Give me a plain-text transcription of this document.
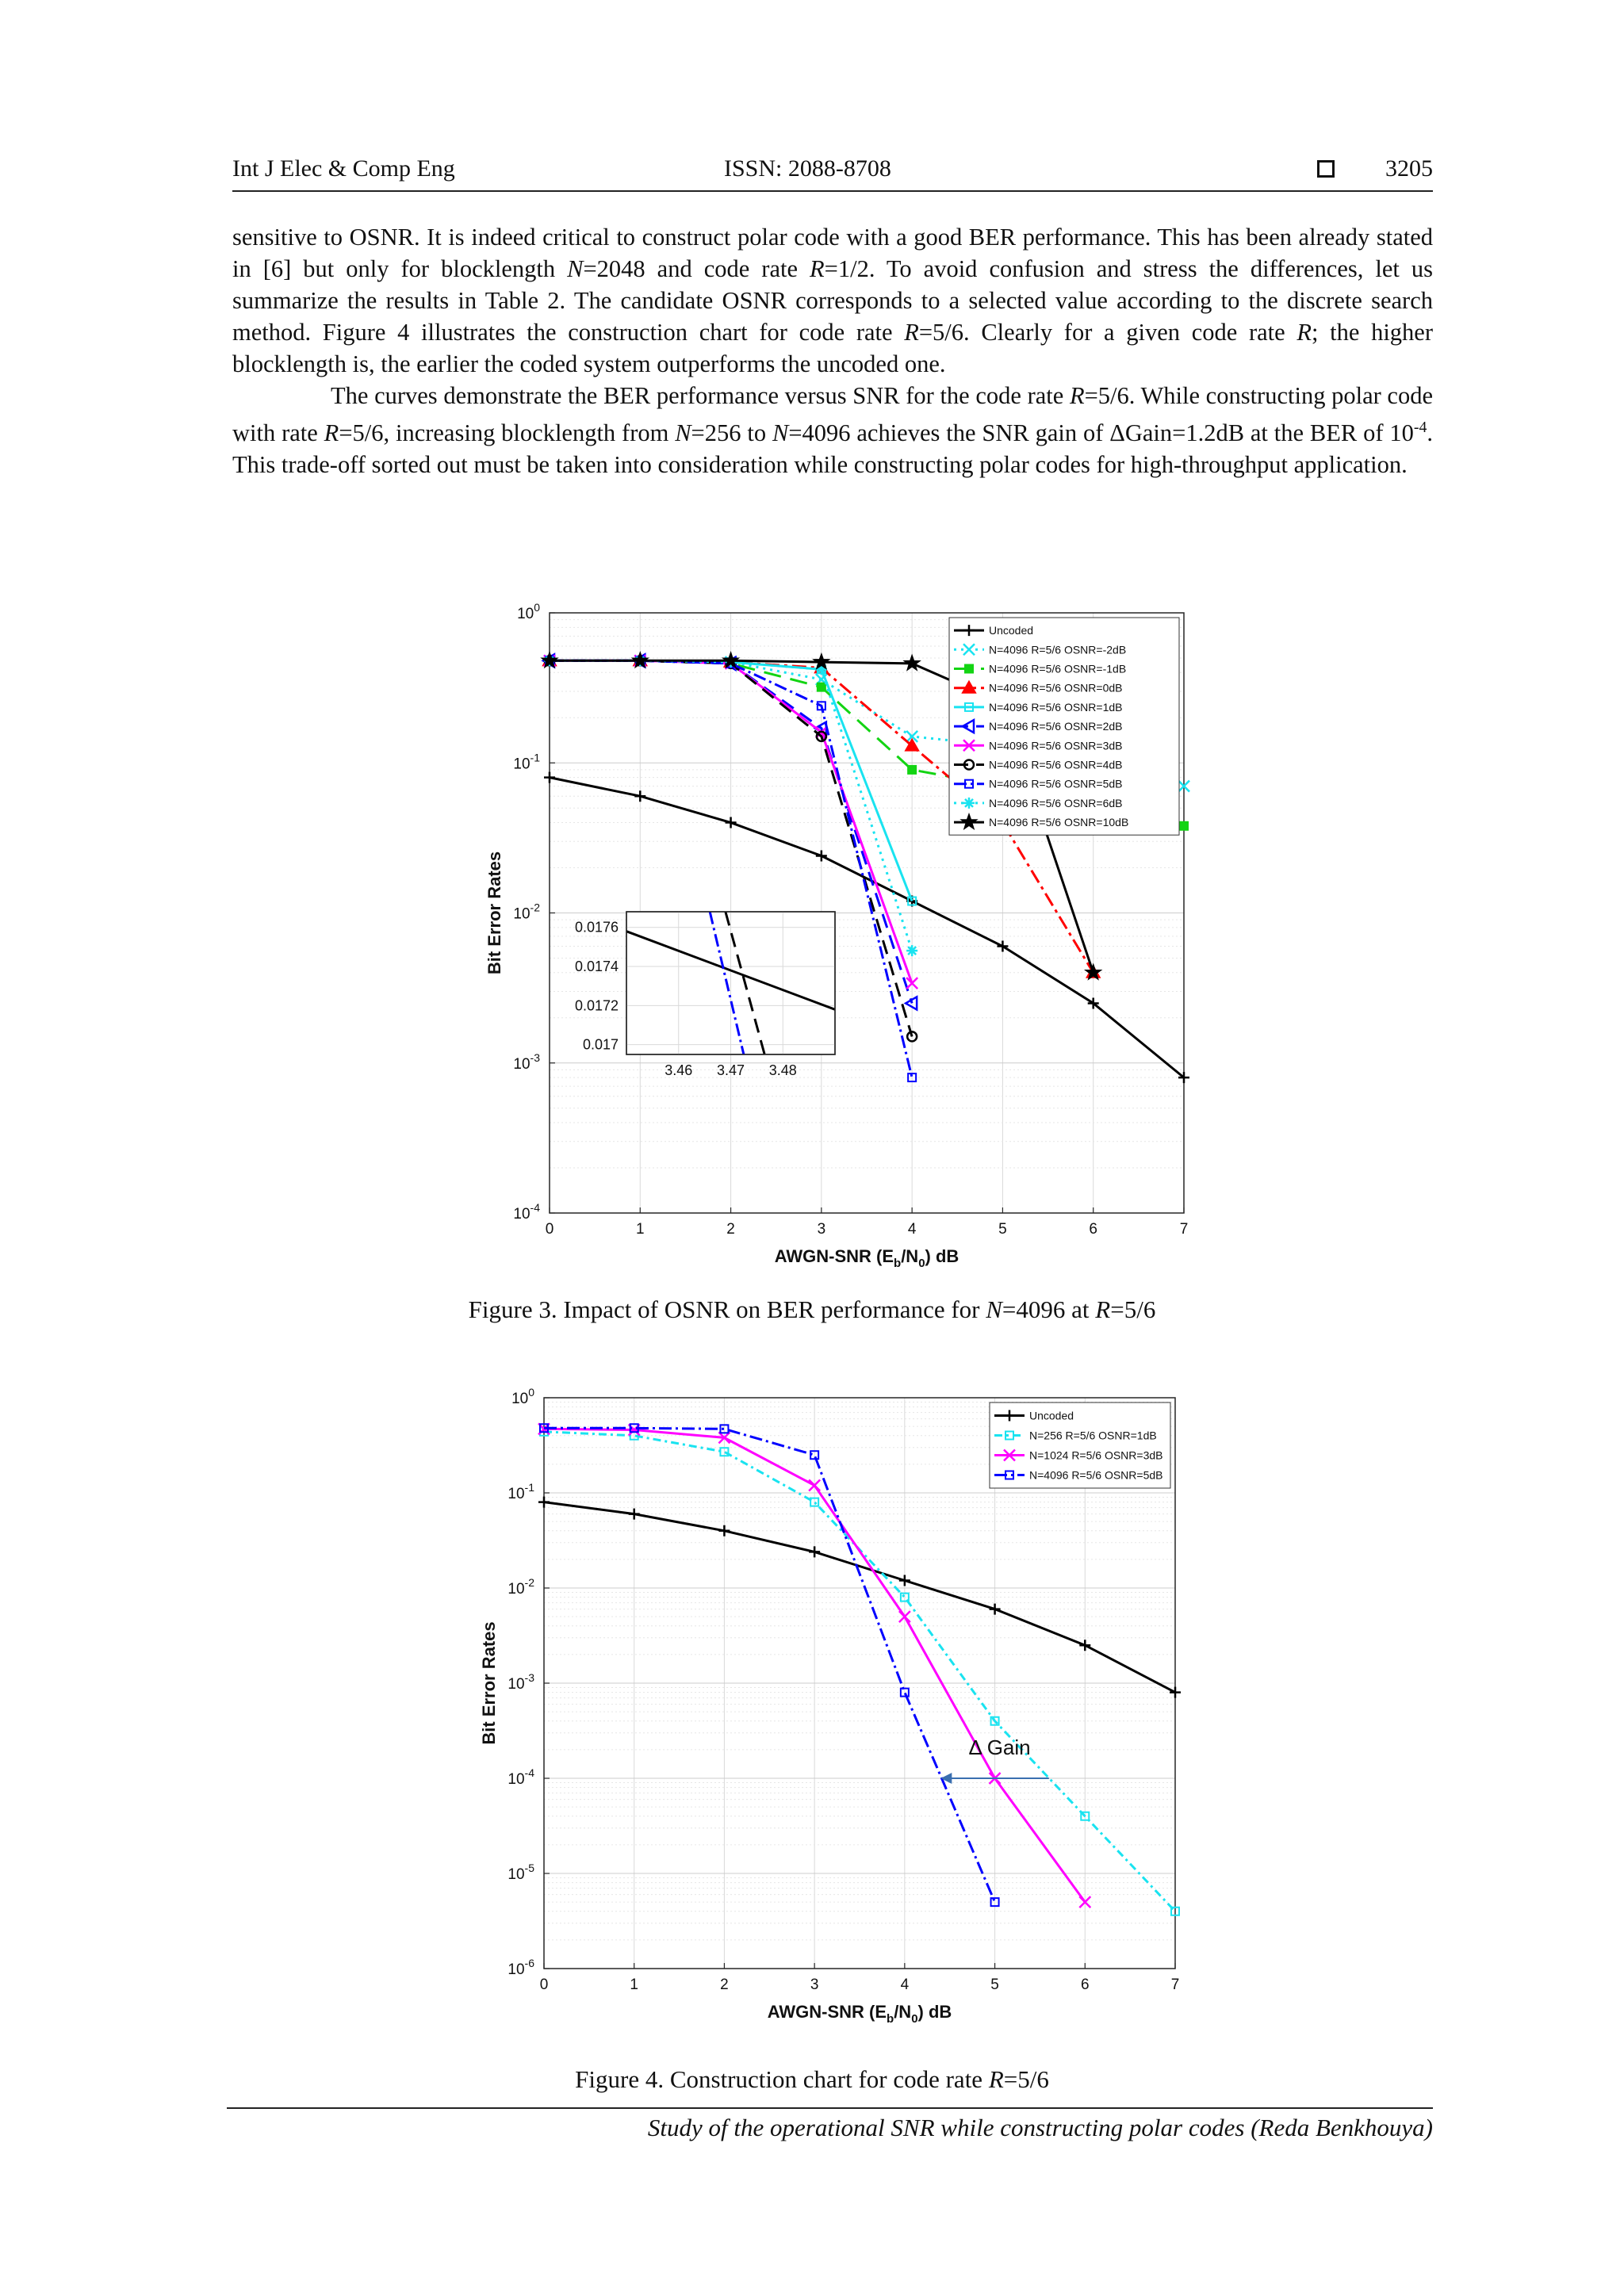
Int J Elec & Comp Eng	ISSN: 2088-8708	3205

sensitive to OSNR. It is indeed critical to construct polar code with a good BER performance. This has been already stated in [6] but only for blocklength N=2048 and code rate R=1/2. To avoid confusion and stress the differences, let us summarize the results in Table 2. The candidate OSNR corresponds to a selected value according to the discrete search method. Figure 4 illustrates the construction chart for code rate R=5/6. Clearly for a given code rate R; the higher blocklength is, the earlier the coded system outperforms the uncoded one.

The curves demonstrate the BER performance versus SNR for the code rate R=5/6. While constructing polar code with rate R=5/6, increasing blocklength from N=256 to N=4096 achieves the SNR gain of ΔGain=1.2dB at the BER of $10^{-4}$. This trade-off sorted out must be taken into consideration while constructing polar codes for high-throughput application.

0	1	2	3	4	5	6	7
$10^{-4}$
$10^{-3}$
$10^{-2}$
$10^{-1}$
$10^0$
AWGN-SNR $(E_b/N_0)$ dB
Bit Error Rates
Uncoded
N=4096 R=5/6 OSNR=-2dB
N=4096 R=5/6 OSNR=-1dB
N=4096 R=5/6 OSNR=0dB
N=4096 R=5/6 OSNR=1dB
N=4096 R=5/6 OSNR=2dB
N=4096 R=5/6 OSNR=3dB
N=4096 R=5/6 OSNR=4dB
N=4096 R=5/6 OSNR=5dB
N=4096 R=5/6 OSNR=6dB
N=4096 R=5/6 OSNR=10dB
3.46 3.47 3.48
0.017
0.0172
0.0174
0.0176
Figure 3. Impact of OSNR on BER performance for N=4096 at R=5/6
0	1	2	3	4	5	6	7
$10^{-6}$
$10^{-5}$
$10^{-4}$
$10^{-3}$
$10^{-2}$
$10^{-1}$
$10^0$
AWGN-SNR $(E_b/N_0)$ dB
Bit Error Rates
Uncoded
N=256 R=5/6 OSNR=1dB
N=1024 R=5/6 OSNR=3dB
N=4096 R=5/6 OSNR=5dB
Δ Gain
Figure 4. Construction chart for code rate R=5/6
Study of the operational SNR while constructing polar codes (Reda Benkhouya)
